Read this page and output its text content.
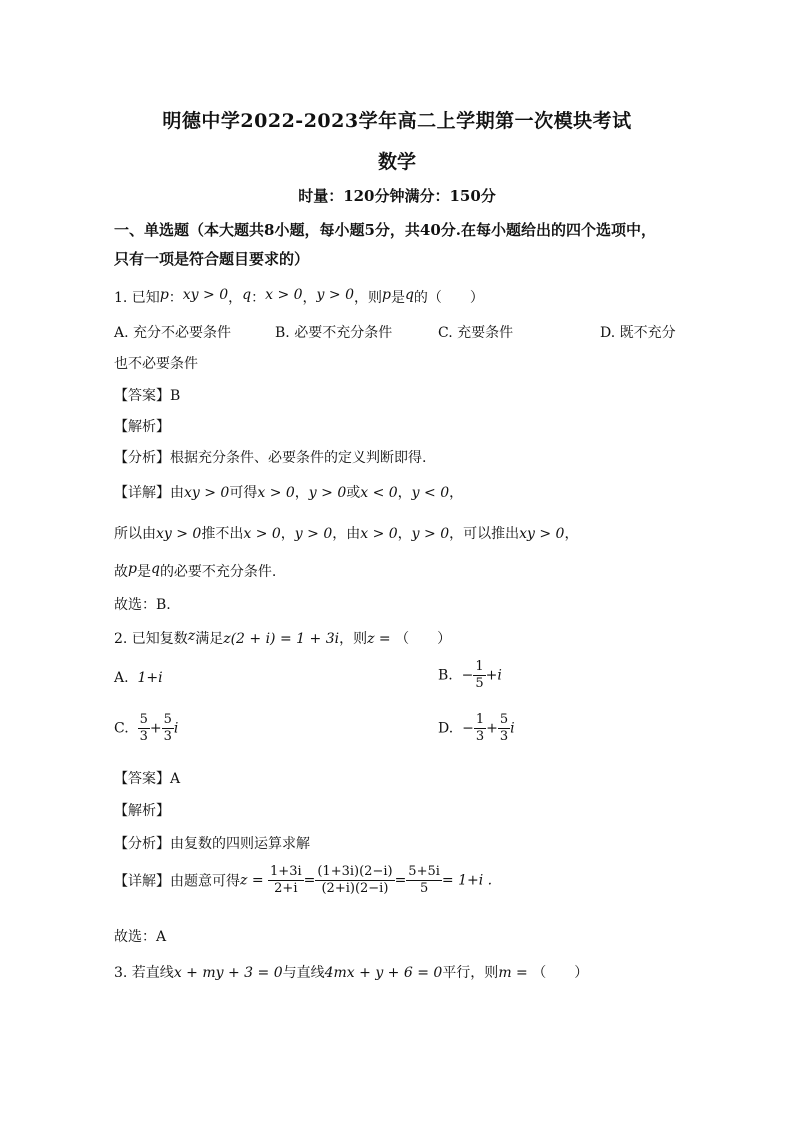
明德中学2022-2023学年高二上学期第一次模块考试
数学
时量：120分钟满分：150分
一、单选题（本大题共8小题，每小题5分，共40分.在每小题给出的四个选项中，
只有一项是符合题目要求的）
1. 已知p：xy > 0，q：x > 0，y > 0，则p是q的（　　）
A. 充分不必要条件	B. 必要不充分条件	C. 充要条件	D. 既不充分
也不必要条件
【答案】B
【解析】
【分析】根据充分条件、必要条件的定义判断即得.
【详解】由xy > 0可得x > 0，y > 0或x < 0，y < 0，
所以由xy > 0推不出x > 0，y > 0，由x > 0，y > 0，可以推出xy > 0，
故p是q的必要不充分条件.
故选：B.
2. 已知复数z满足z(2 + i) = 1 + 3i，则z = （　　）
A. 1+i	B. − $\frac{1}{5} +i$
C. $\frac{5}{3} + \frac{5}{3}$ i	D. − $\frac{1}{3} + \frac{5}{3}$ i
【答案】A
【解析】
【分析】由复数的四则运算求解
【详解】由题意可得$z = \frac{1+3i}{2+i} = \frac{(1+3i)(2-i)}{(2+i)(2-i)} = \frac{5+5i}{5} = 1+i$ .
故选：A
3. 若直线x + my + 3 = 0与直线4mx + y + 6 = 0平行，则m = （　　）
